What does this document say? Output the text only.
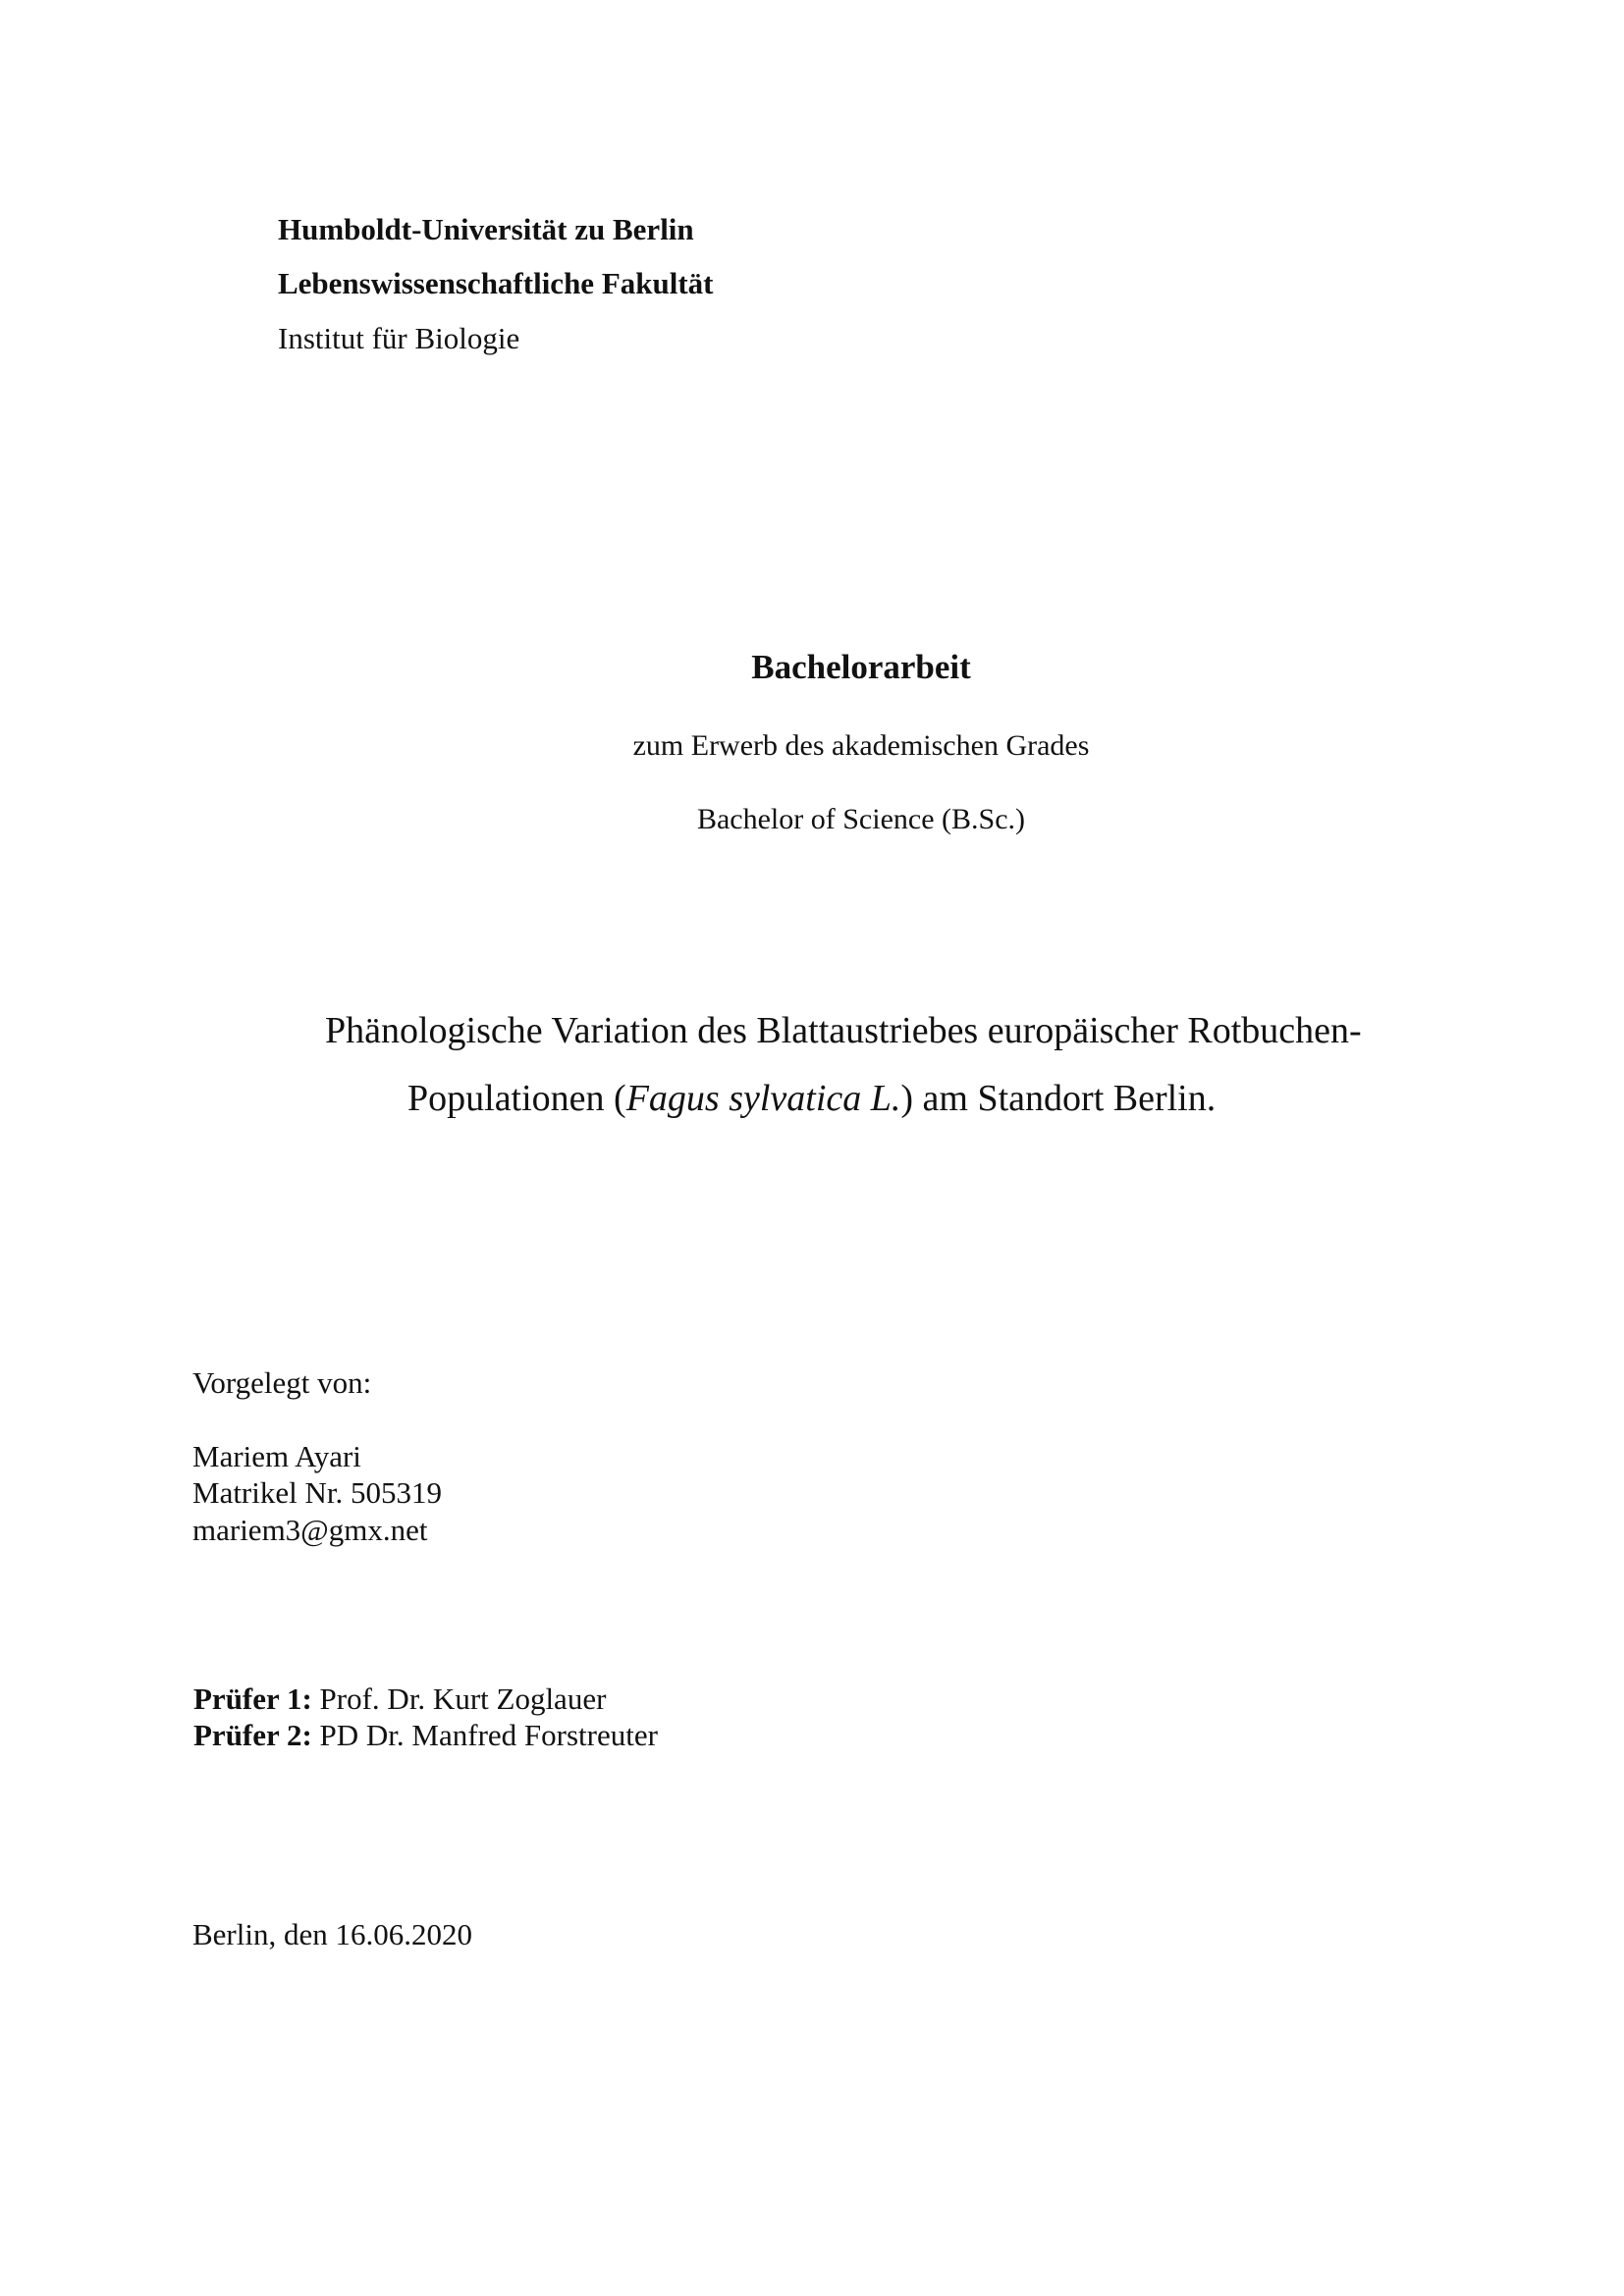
Humboldt-Universität zu Berlin
Lebenswissenschaftliche Fakultät
Institut für Biologie
Bachelorarbeit
zum Erwerb des akademischen Grades
Bachelor of Science (B.Sc.)
Phänologische Variation des Blattaustriebes europäischer Rotbuchen-
Populationen (Fagus sylvatica L.) am Standort Berlin.
Vorgelegt von:
Mariem Ayari
Matrikel Nr. 505319
mariem3@gmx.net
Prüfer 1: Prof. Dr. Kurt Zoglauer
Prüfer 2: PD Dr. Manfred Forstreuter
Berlin, den 16.06.2020
